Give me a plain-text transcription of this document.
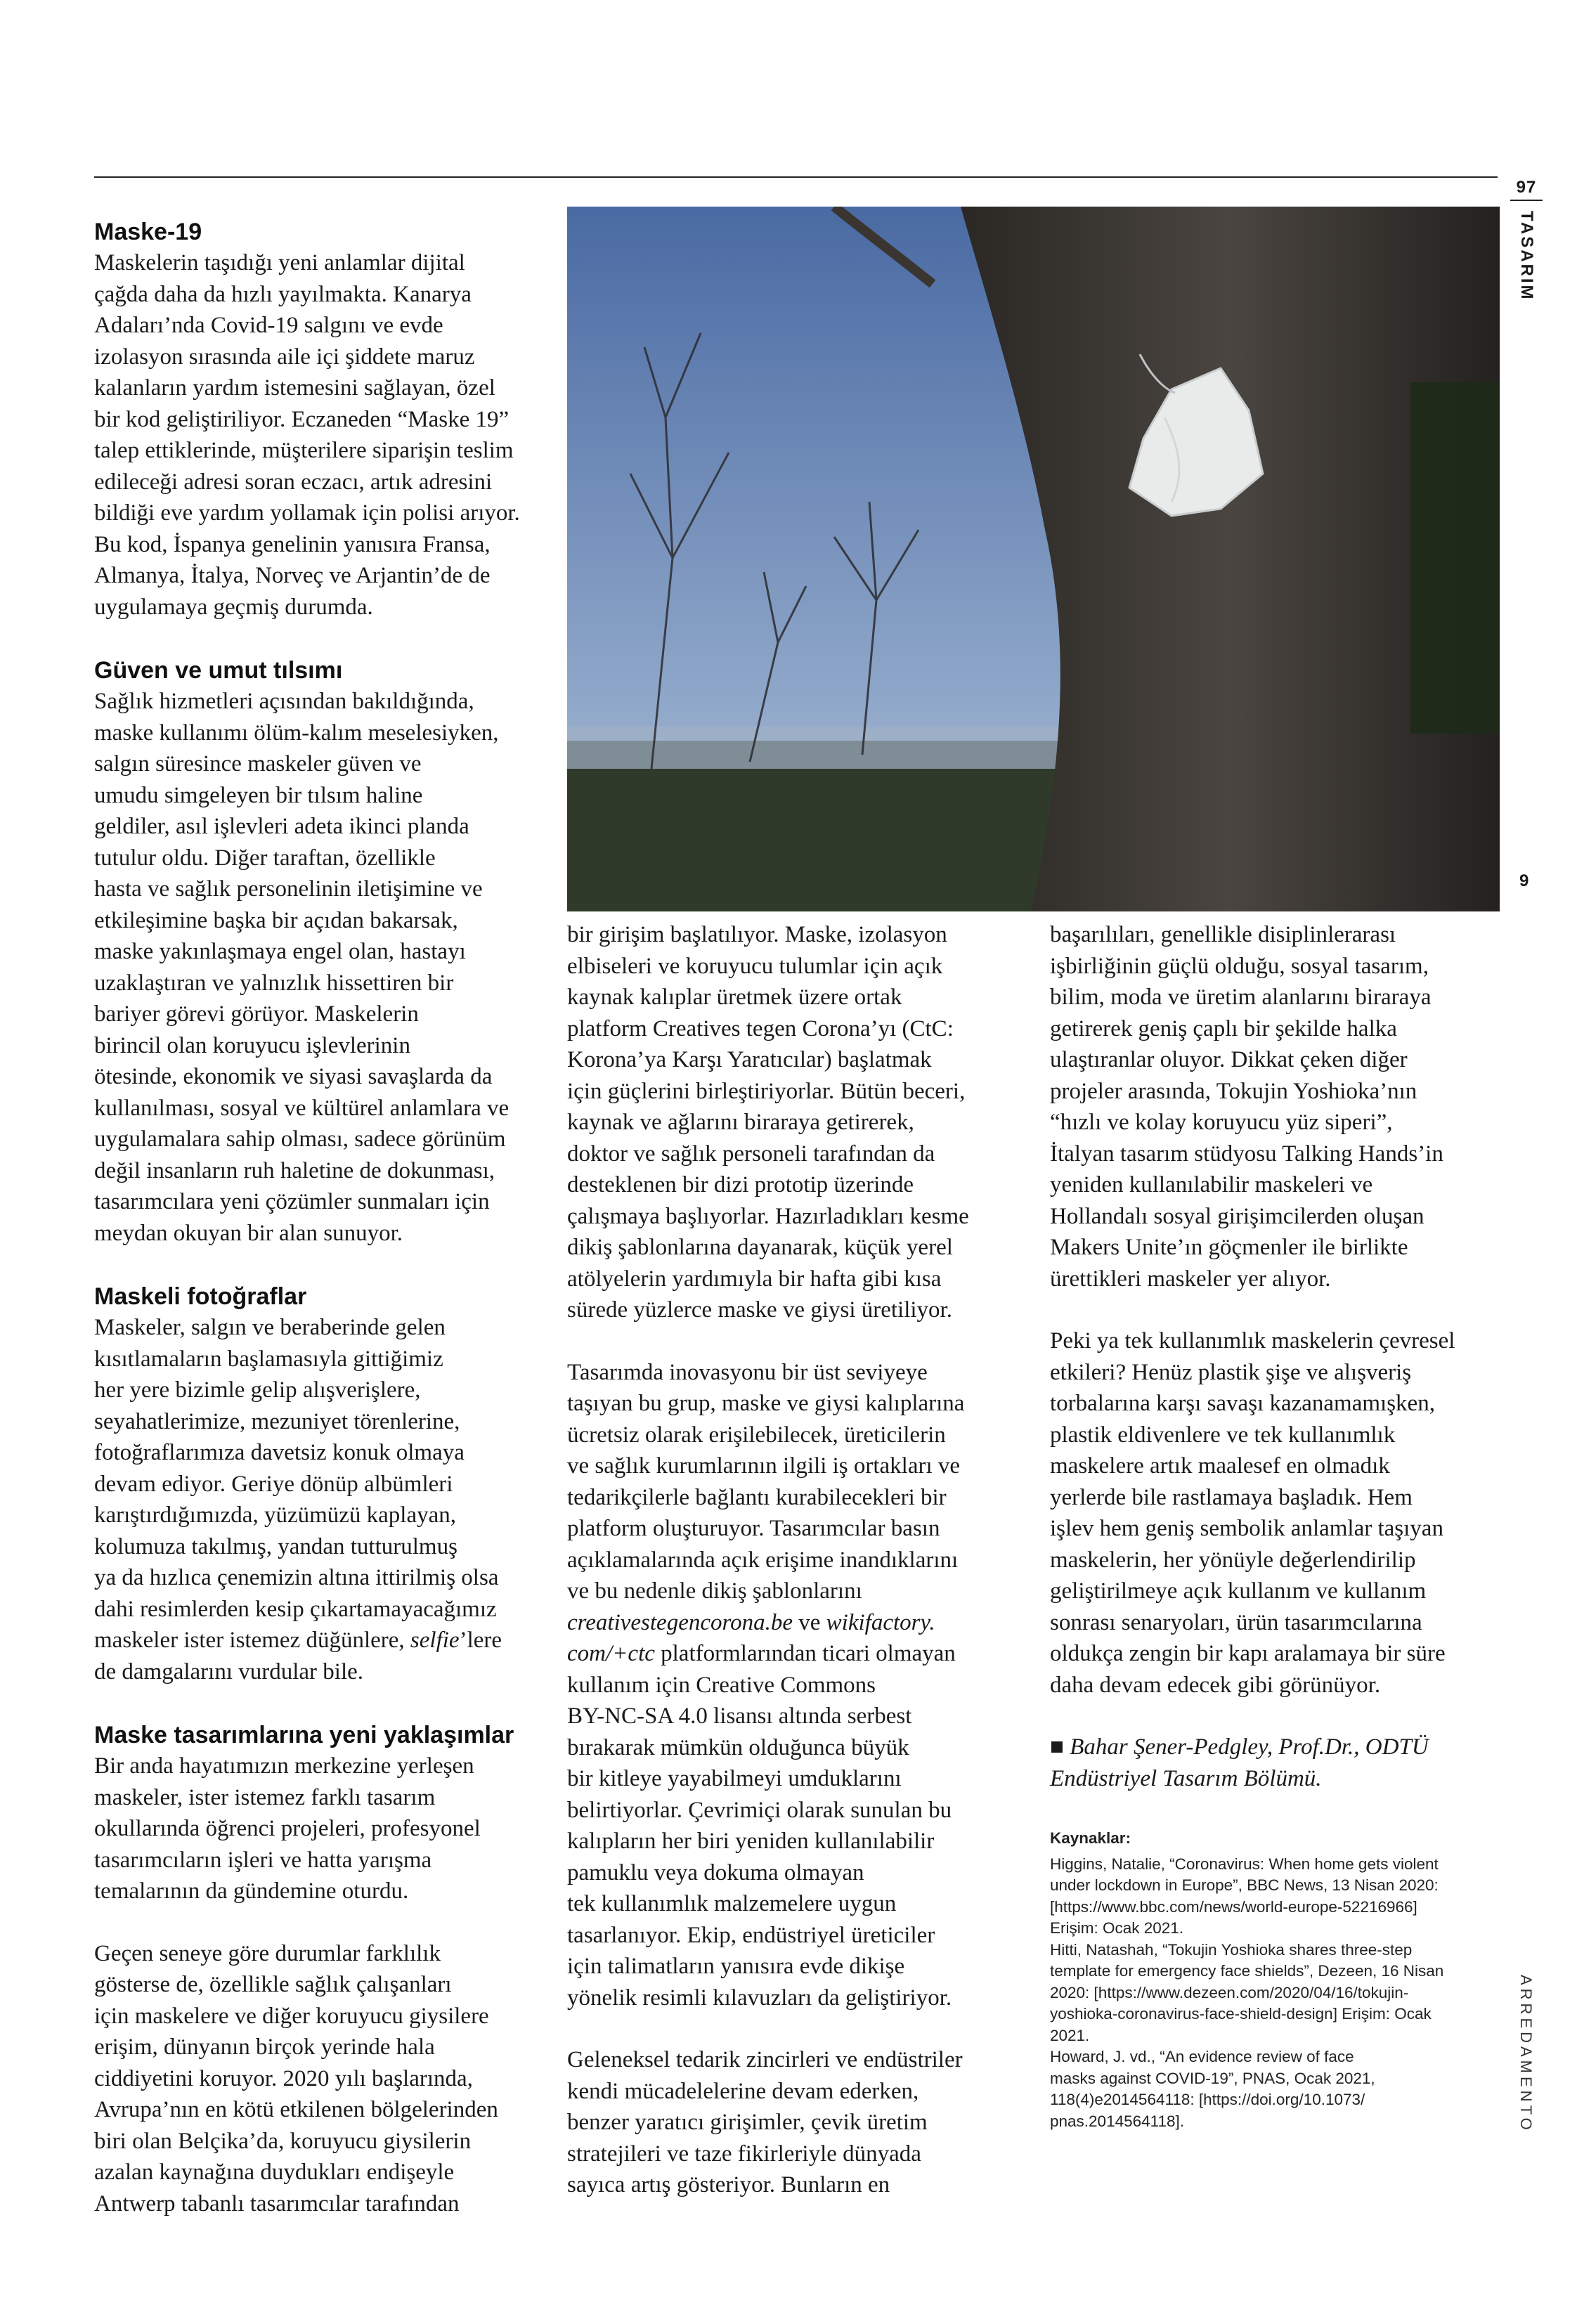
97
TASARIM
9
ARREDAMENTO
Maske-19

Maskelerin taşıdığı yeni anlamlar dijital

çağda daha da hızlı yayılmakta. Kanarya

Adaları’nda Covid-19 salgını ve evde

izolasyon sırasında aile içi şiddete maruz

kalanların yardım istemesini sağlayan, özel

bir kod geliştiriliyor. Eczaneden “Maske 19”

talep ettiklerinde, müşterilere siparişin teslim

edileceği adresi soran eczacı, artık adresini

bildiği eve yardım yollamak için polisi arıyor.

Bu kod, İspanya genelinin yanısıra Fransa,

Almanya, İtalya, Norveç ve Arjantin’de de

uygulamaya geçmiş durumda.

Güven ve umut tılsımı

Sağlık hizmetleri açısından bakıldığında,

maske kullanımı ölüm-kalım meselesiyken,

salgın süresince maskeler güven ve

umudu simgeleyen bir tılsım haline

geldiler, asıl işlevleri adeta ikinci planda

tutulur oldu. Diğer taraftan, özellikle

hasta ve sağlık personelinin iletişimine ve

etkileşimine başka bir açıdan bakarsak,

maske yakınlaşmaya engel olan, hastayı

uzaklaştıran ve yalnızlık hissettiren bir

bariyer görevi görüyor. Maskelerin

birincil olan koruyucu işlevlerinin

ötesinde, ekonomik ve siyasi savaşlarda da

kullanılması, sosyal ve kültürel anlamlara ve

uygulamalara sahip olması, sadece görünüm

değil insanların ruh haletine de dokunması,

tasarımcılara yeni çözümler sunmaları için

meydan okuyan bir alan sunuyor.

Maskeli fotoğraflar

Maskeler, salgın ve beraberinde gelen

kısıtlamaların başlamasıyla gittiğimiz

her yere bizimle gelip alışverişlere,

seyahatlerimize, mezuniyet törenlerine,

fotoğraflarımıza davetsiz konuk olmaya

devam ediyor. Geriye dönüp albümleri

karıştırdığımızda, yüzümüzü kaplayan,

kolumuza takılmış, yandan tutturulmuş

ya da hızlıca çenemizin altına ittirilmiş olsa

dahi resimlerden kesip çıkartamayacağımız

maskeler ister istemez düğünlere, selfie’lere

de damgalarını vurdular bile.

Maske tasarımlarına yeni yaklaşımlar

Bir anda hayatımızın merkezine yerleşen

maskeler, ister istemez farklı tasarım

okullarında öğrenci projeleri, profesyonel

tasarımcıların işleri ve hatta yarışma

temalarının da gündemine oturdu.

Geçen seneye göre durumlar farklılık

gösterse de, özellikle sağlık çalışanları

için maskelere ve diğer koruyucu giysilere

erişim, dünyanın birçok yerinde hala

ciddiyetini koruyor. 2020 yılı başlarında,

Avrupa’nın en kötü etkilenen bölgelerinden

biri olan Belçika’da, koruyucu giysilerin

azalan kaynağına duydukları endişeyle

Antwerp tabanlı tasarımcılar tarafından

bir girişim başlatılıyor. Maske, izolasyon

elbiseleri ve koruyucu tulumlar için açık

kaynak kalıplar üretmek üzere ortak

platform Creatives tegen Corona’yı (CtC:

Korona’ya Karşı Yaratıcılar) başlatmak

için güçlerini birleştiriyorlar. Bütün beceri,

kaynak ve ağlarını biraraya getirerek,

doktor ve sağlık personeli tarafından da

desteklenen bir dizi prototip üzerinde

çalışmaya başlıyorlar. Hazırladıkları kesme

dikiş şablonlarına dayanarak, küçük yerel

atölyelerin yardımıyla bir hafta gibi kısa

sürede yüzlerce maske ve giysi üretiliyor.

Tasarımda inovasyonu bir üst seviyeye

taşıyan bu grup, maske ve giysi kalıplarına

ücretsiz olarak erişilebilecek, üreticilerin

ve sağlık kurumlarının ilgili iş ortakları ve

tedarikçilerle bağlantı kurabilecekleri bir

platform oluşturuyor. Tasarımcılar basın

açıklamalarında açık erişime inandıklarını

ve bu nedenle dikiş şablonlarını

creativestegencorona.be ve wikifactory.

com/+ctc platformlarından ticari olmayan

kullanım için Creative Commons

BY-NC-SA 4.0 lisansı altında serbest

bırakarak mümkün olduğunca büyük

bir kitleye yayabilmeyi umduklarını

belirtiyorlar. Çevrimiçi olarak sunulan bu

kalıpların her biri yeniden kullanılabilir

pamuklu veya dokuma olmayan

tek kullanımlık malzemelere uygun

tasarlanıyor. Ekip, endüstriyel üreticiler

için talimatların yanısıra evde dikişe

yönelik resimli kılavuzları da geliştiriyor.

Geleneksel tedarik zincirleri ve endüstriler

kendi mücadelelerine devam ederken,

benzer yaratıcı girişimler, çevik üretim

stratejileri ve taze fikirleriyle dünyada

sayıca artış gösteriyor. Bunların en

başarılıları, genellikle disiplinlerarası

işbirliğinin güçlü olduğu, sosyal tasarım,

bilim, moda ve üretim alanlarını biraraya

getirerek geniş çaplı bir şekilde halka

ulaştıranlar oluyor. Dikkat çeken diğer

projeler arasında, Tokujin Yoshioka’nın

“hızlı ve kolay koruyucu yüz siperi”,

İtalyan tasarım stüdyosu Talking Hands’in

yeniden kullanılabilir maskeleri ve

Hollandalı sosyal girişimcilerden oluşan

Makers Unite’ın göçmenler ile birlikte

ürettikleri maskeler yer alıyor.

Peki ya tek kullanımlık maskelerin çevresel

etkileri? Henüz plastik şişe ve alışveriş

torbalarına karşı savaşı kazanamamışken,

plastik eldivenlere ve tek kullanımlık

maskelere artık maalesef en olmadık

yerlerde bile rastlamaya başladık. Hem

işlev hem geniş sembolik anlamlar taşıyan

maskelerin, her yönüyle değerlendirilip

geliştirilmeye açık kullanım ve kullanım

sonrası senaryoları, ürün tasarımcılarına

oldukça zengin bir kapı aralamaya bir süre

daha devam edecek gibi görünüyor.

■ Bahar Şener-Pedgley, Prof.Dr., ODTÜ

Endüstriyel Tasarım Bölümü.

Kaynaklar:

Higgins, Natalie, “Coronavirus: When home gets violent

under lockdown in Europe”, BBC News, 13 Nisan 2020:

[https://www.bbc.com/news/world-europe-52216966]

Erişim: Ocak 2021.

Hitti, Natashah, “Tokujin Yoshioka shares three-step

template for emergency face shields”, Dezeen, 16 Nisan

2020: [https://www.dezeen.com/2020/04/16/tokujin-

yoshioka-coronavirus-face-shield-design] Erişim: Ocak

2021.

Howard, J. vd., “An evidence review of face

masks against COVID-19”, PNAS, Ocak 2021,

118(4)e2014564118: [https://doi.org/10.1073/

pnas.2014564118].
